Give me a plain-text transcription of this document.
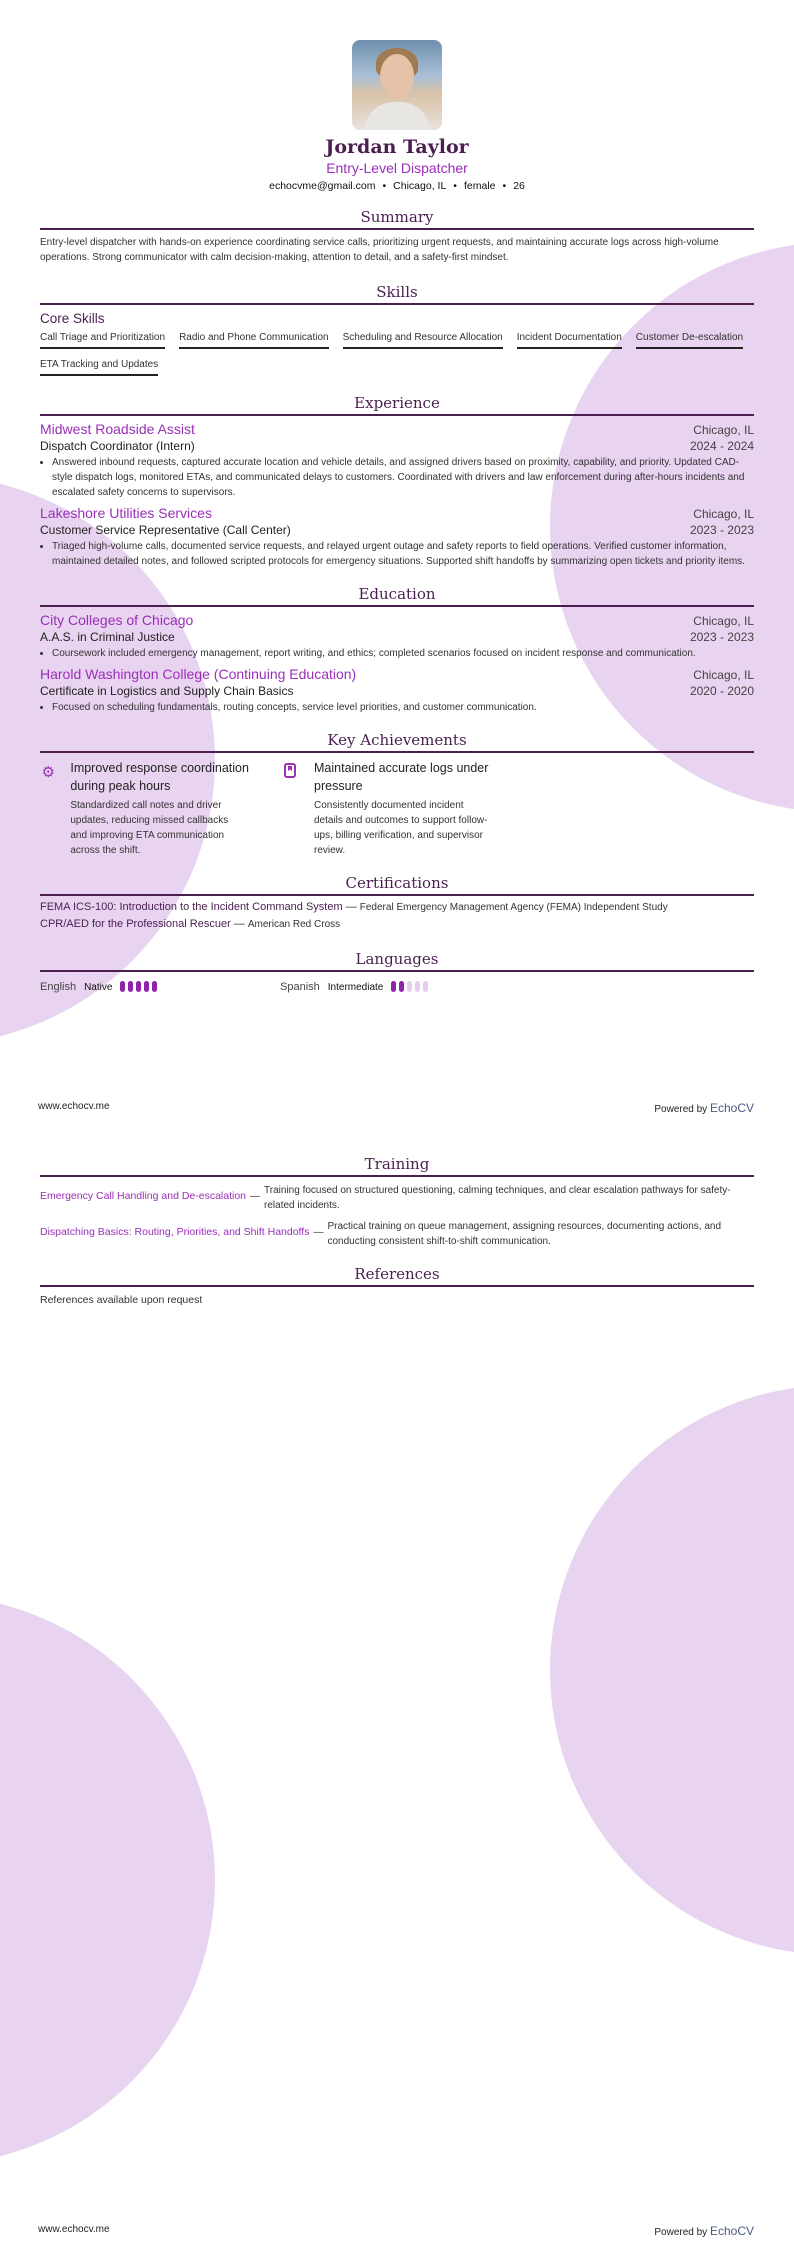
Jordan Taylor
Entry-Level Dispatcher
echocvme@gmail.com • Chicago, IL • female • 26
Summary

Entry-level dispatcher with hands-on experience coordinating service calls, prioritizing urgent requests, and maintaining accurate logs across high-volume operations. Strong communicator with calm decision-making, attention to detail, and a safety-first mindset.

Skills
Core Skills
Call Triage and Prioritization Radio and Phone Communication Scheduling and Resource Allocation Incident Documentation Customer De-escalation
ETA Tracking and Updates
Experience
Midwest Roadside Assist	Chicago, IL
Dispatch Coordinator (Intern)	2024 - 2024
• Answered inbound requests, captured accurate location and vehicle details, and assigned drivers based on proximity, capability, and priority. Updated CAD-style dispatch logs, monitored ETAs, and communicated delays to customers. Coordinated with drivers and law enforcement during after-hours incidents and escalated safety concerns to supervisors.
Lakeshore Utilities Services	Chicago, IL
Customer Service Representative (Call Center)	2023 - 2023
• Triaged high-volume calls, documented service requests, and relayed urgent outage and safety reports to field operations. Verified customer information, maintained detailed notes, and followed scripted protocols for emergency situations. Supported shift handoffs by summarizing open tickets and priority items.
Education
City Colleges of Chicago	Chicago, IL
A.A.S. in Criminal Justice	2023 - 2023
• Coursework included emergency management, report writing, and ethics; completed scenarios focused on incident response and communication.
Harold Washington College (Continuing Education)	Chicago, IL
Certificate in Logistics and Supply Chain Basics	2020 - 2020
• Focused on scheduling fundamentals, routing concepts, service level priorities, and customer communication.
Key Achievements
⚙ Improved response coordination during peak hours
Standardized call notes and driver updates, reducing missed callbacks and improving ETA communication across the shift.
Maintained accurate logs under pressure
Consistently documented incident details and outcomes to support follow-ups, billing verification, and supervisor review.
Certifications
FEMA ICS-100: Introduction to the Incident Command System — Federal Emergency Management Agency (FEMA) Independent Study
CPR/AED for the Professional Rescuer — American Red Cross
Languages
English Native	Spanish Intermediate
www.echocv.me	Powered by EchoCV
Training
Emergency Call Handling and De-escalation —
Training focused on structured questioning, calming techniques, and clear escalation pathways for safety-related incidents.
Dispatching Basics: Routing, Priorities, and Shift Handoffs —
Practical training on queue management, assigning resources, documenting actions, and conducting consistent shift-to-shift communication.
References

References available upon request

www.echocv.me	Powered by EchoCV
